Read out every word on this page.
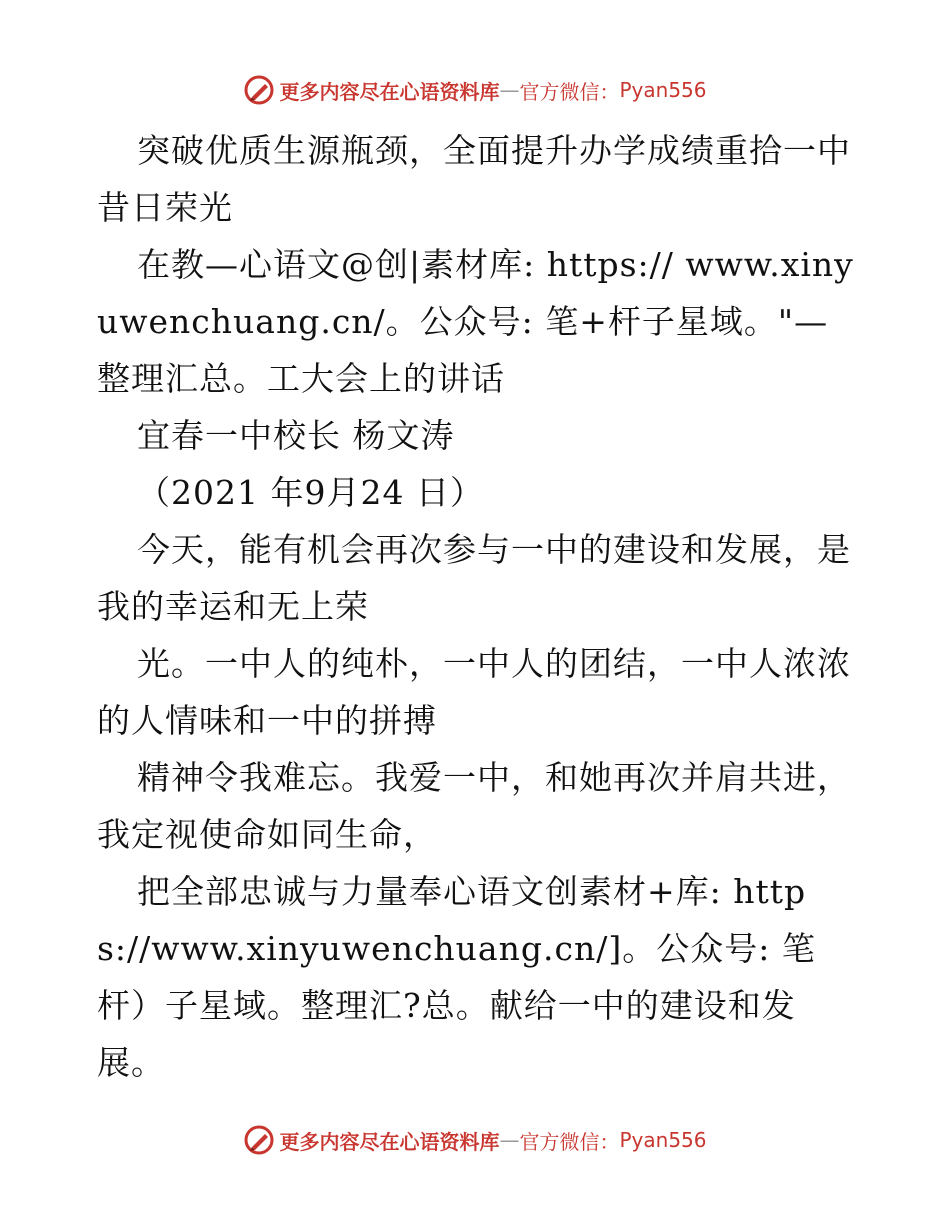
更多内容尽在心语资料库 — 官方微信： Pyan556

突破优质生源瓶颈，全面提升办学成绩重拾一中昔日荣光

在教—心语文@创|素材库: https:// www.xinyuwenchuang.cn/。公众号: 笔+杆子星域。"—整理汇总。工大会上的讲话

宜春一中校长 杨文涛

（2021 年9月24 日）

今天，能有机会再次参与一中的建设和发展，是我的幸运和无上荣

光。一中人的纯朴，一中人的团结，一中人浓浓的人情味和一中的拼搏

精神令我难忘。我爱一中，和她再次并肩共进，我定视使命如同生命，

把全部忠诚与力量奉心语文创素材+库: https://www.xinyuwenchuang.cn/]。公众号: 笔杆）子星域。整理汇?总。献给一中的建设和发展。

更多内容尽在心语资料库 — 官方微信： Pyan556
